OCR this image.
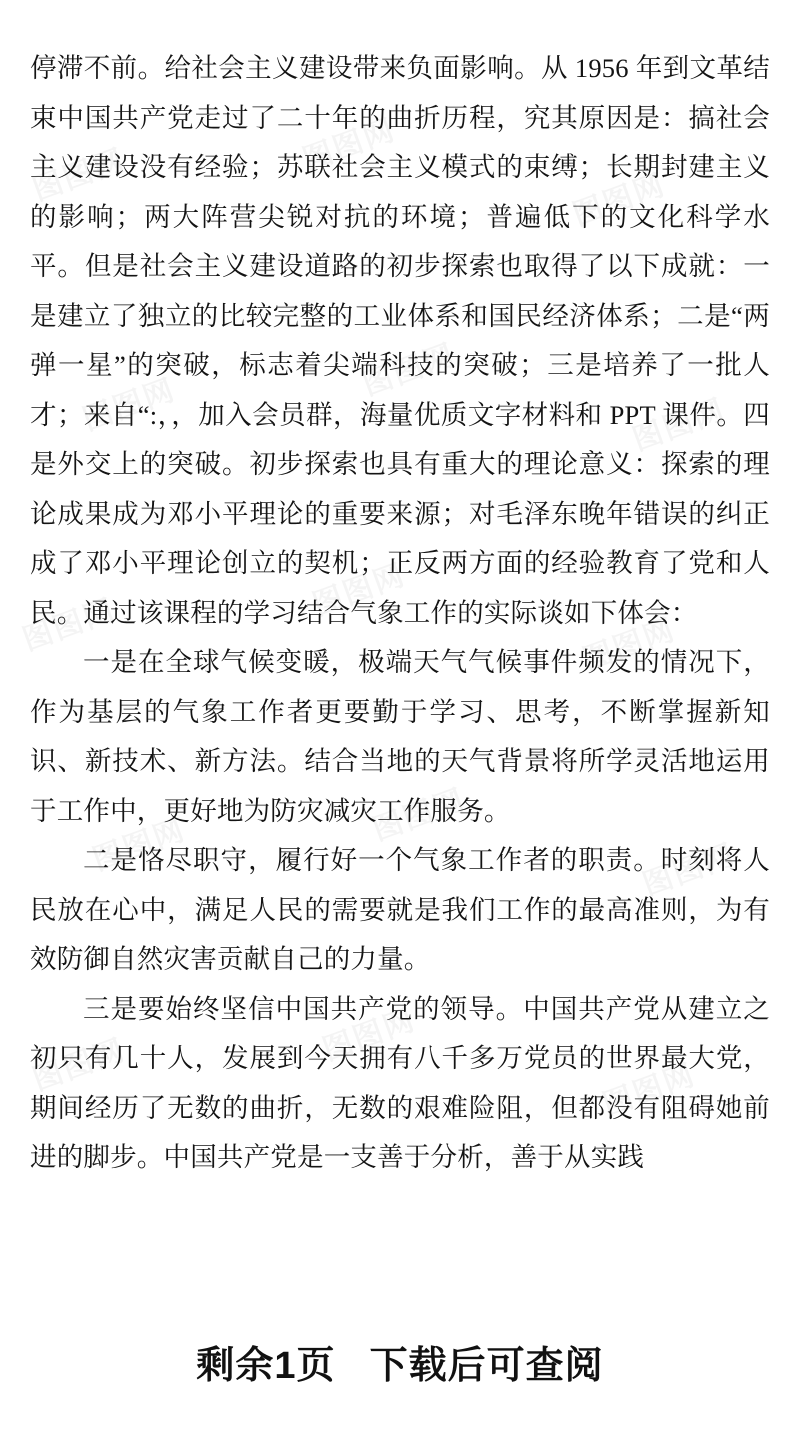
停滞不前。给社会主义建设带来负面影响。从 1956 年到文革结束中国共产党走过了二十年的曲折历程，究其原因是：搞社会主义建设没有经验；苏联社会主义模式的束缚；长期封建主义的影响；两大阵营尖锐对抗的环境；普遍低下的文化科学水平。但是社会主义建设道路的初步探索也取得了以下成就：一是建立了独立的比较完整的工业体系和国民经济体系；二是“两弹一星”的突破，标志着尖端科技的突破；三是培养了一批人才；来自“:，，加入会员群，海量优质文字材料和 PPT 课件。四是外交上的突破。初步探索也具有重大的理论意义：探索的理论成果成为邓小平理论的重要来源；对毛泽东晚年错误的纠正成了邓小平理论创立的契机；正反两方面的经验教育了党和人民。通过该课程的学习结合气象工作的实际谈如下体会：

一是在全球气候变暖，极端天气气候事件频发的情况下，作为基层的气象工作者更要勤于学习、思考，不断掌握新知识、新技术、新方法。结合当地的天气背景将所学灵活地运用于工作中，更好地为防灾减灾工作服务。

二是恪尽职守，履行好一个气象工作者的职责。时刻将人民放在心中，满足人民的需要就是我们工作的最高准则，为有效防御自然灾害贡献自己的力量。

三是要始终坚信中国共产党的领导。中国共产党从建立之初只有几十人，发展到今天拥有八千多万党员的世界最大党，期间经历了无数的曲折，无数的艰难险阻，但都没有阻碍她前进的脚步。中国共产党是一支善于分析，善于从实践

剩余1页 下载后可查阅
